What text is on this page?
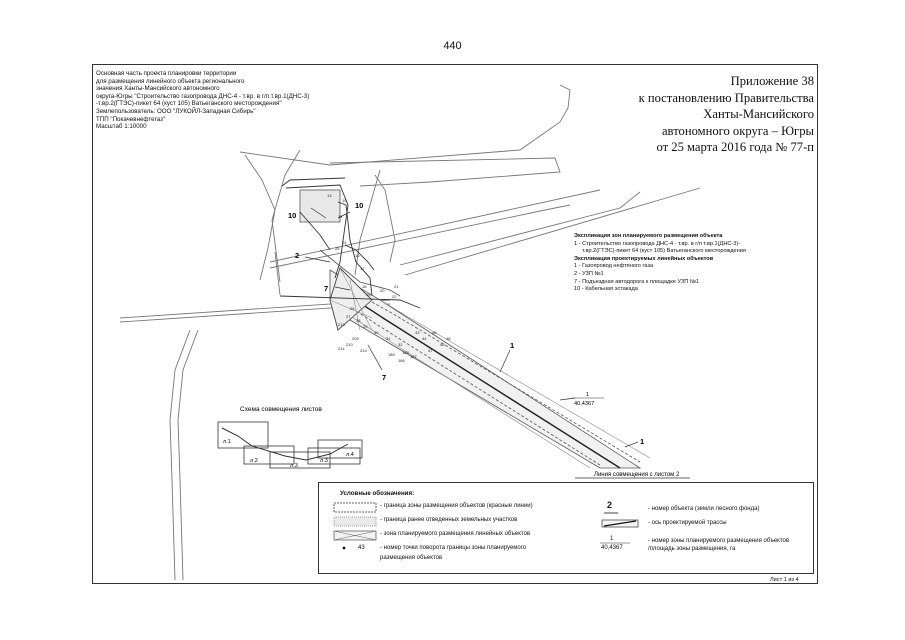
440
10
10
2
7
7
1
1
1
40,4367
Линия совмещения с листом 2
13
14
15
16
17
18
19
20
21
22
24
25
26
27
28
29
30
31
32
43
44
45
46
47
48
186
187
188
189
209
210
211
213
214
Схема совмещения листов
л.1
л.2
л.3
л.3
л.4
Основная часть проекта планировки территории
для размещения линейного объекта регионального
значения Ханты-Мансийского автономного
округа-Югры "Строительство газопровода ДНС-4 - т.вр. в г/п т.вр.1(ДНС-3)
-т.вр.2(ГТЭС)-пикет 64 (куст 105) Ватьеганского месторождения"
Землепользователь: ООО "ЛУКОЙЛ-Западная Сибирь"
ТПП "Покачевнефтегаз"
Масштаб 1:10000
Приложение 38
к постановлению Правительства
Ханты-Мансийского
автономного округа – Югры
от 25 марта 2016 года № 77-п
Экспликация зон планируемого размещения объекта
1 - Строительство газопровода ДНС-4 - т.вр. в г/п т.вр.1(ДНС-3)-
т.вр.2(ГТЭС)-пикет 64 (куст 105) Ватьеганского месторождения
Экспликация проектируемых линейных объектов
1 - Газопровод нефтяного газа
2 - УЗП №1
7 - Подъездная автодорога к площадке УЗП №1
10 - Кабельная эстакада
Условные обозначения:
- граница зоны размещения объектов (красные линии)
- граница ранее отведенных земельных участков
- зона планируемого размещения линейных объектов
43	- номер точки поворота границы зоны планируемого
размещения объектов
2	- номер объекта (земли лесного фонда)
- ось проектируемой трассы
1
40,4367
- номер зоны планируемого размещения объектов
/площадь зоны размещения, га
Лист 1 из 4
